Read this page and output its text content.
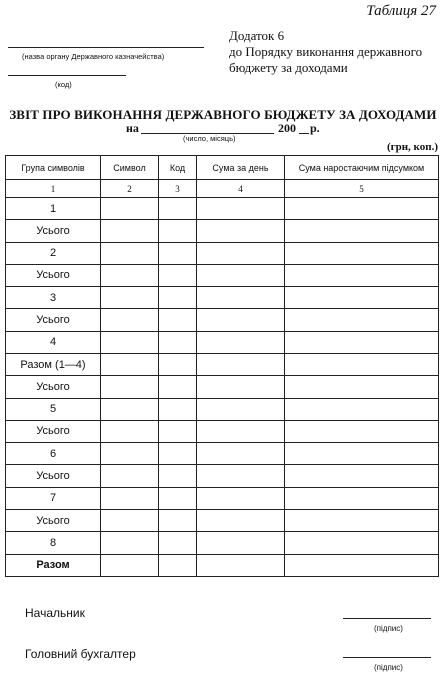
Таблиця 27
Додаток 6
до Порядку виконання державного
бюджету за доходами
(назва органу Державного казначейства)
(код)
ЗВІТ ПРО ВИКОНАННЯ ДЕРЖАВНОГО БЮДЖЕТУ ЗА ДОХОДАМИ
на	200 р.
(число, місяць)
(грн, коп.)
Група символів	Символ	Код	Сума за день	Сума наростаючим підсумком
1	2	3	4	5
1				
Усього				
2				
Усього				
3				
Усього				
4				
Разом (1—4)				
Усього				
5				
Усього				
6				
Усього				
7				
Усього				
8				
Разом				
Начальник
(підпис)
Головний бухгалтер
(підпис)
